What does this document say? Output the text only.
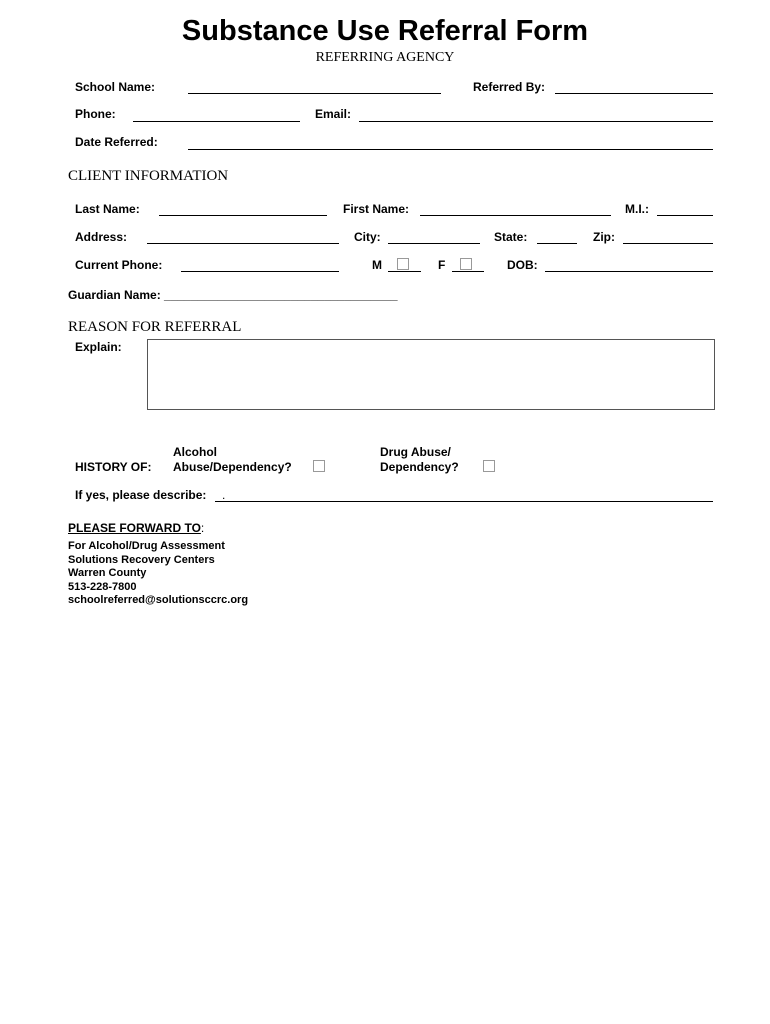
Substance Use Referral Form
REFERRING AGENCY
School Name:	Referred By:
Phone:	Email:
Date Referred:
CLIENT INFORMATION
Last Name:	First Name:	M.I.:
Address:	City:	State:	Zip:
Current Phone:	M	F	DOB:
Guardian Name: ___________________________________
REASON FOR REFERRAL
Explain:
HISTORY OF:
Alcohol
Abuse/Dependency?
Drug Abuse/
Dependency?
If yes, please describe: .
PLEASE FORWARD TO:
For Alcohol/Drug Assessment
Solutions Recovery Centers
Warren County
513-228-7800
schoolreferred@solutionsccrc.org
